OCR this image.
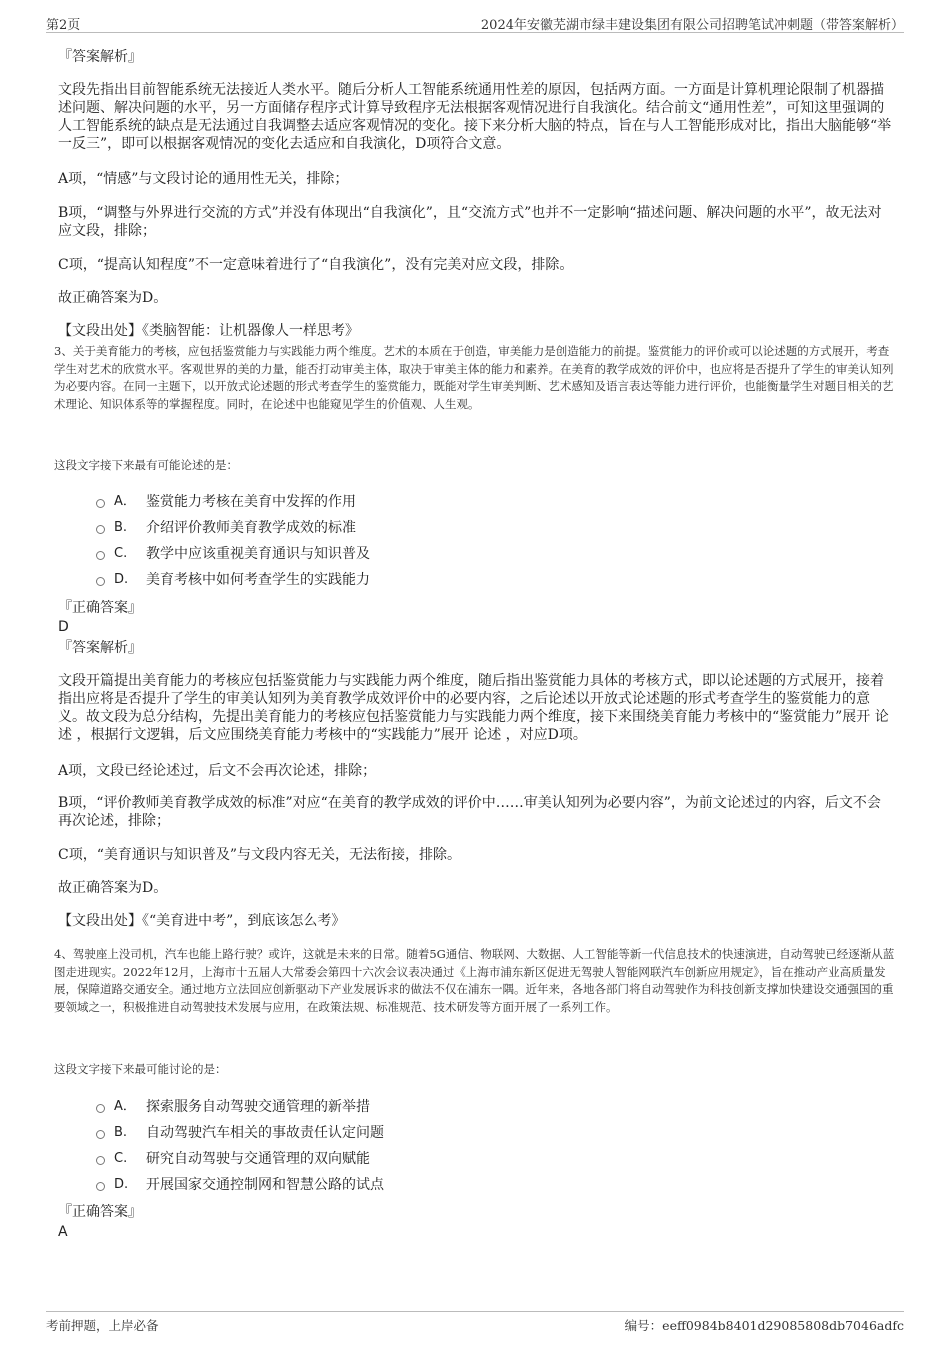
第2页	2024年安徽芜湖市绿丰建设集团有限公司招聘笔试冲刺题（带答案解析）

『答案解析』

文段先指出目前智能系统无法接近人类水平。随后分析人工智能系统通用性差的原因，包括两方面。一方面是计算机理论限制了机器描述问题、解决问题的水平，另一方面储存程序式计算导致程序无法根据客观情况进行自我演化。结合前文“通用性差”，可知这里强调的人工智能系统的缺点是无法通过自我调整去适应客观情况的变化。接下来分析大脑的特点，旨在与人工智能形成对比，指出大脑能够“举一反三”，即可以根据客观情况的变化去适应和自我演化，D项符合文意。

A项，“情感”与文段讨论的通用性无关，排除；

B项，“调整与外界进行交流的方式”并没有体现出“自我演化”，且“交流方式”也并不一定影响“描述问题、解决问题的水平”，故无法对应文段，排除；

C项，“提高认知程度”不一定意味着进行了“自我演化”，没有完美对应文段，排除。

故正确答案为D。

【文段出处】《类脑智能：让机器像人一样思考》

3、关于美育能力的考核，应包括鉴赏能力与实践能力两个维度。艺术的本质在于创造，审美能力是创造能力的前提。鉴赏能力的评价或可以论述题的方式展开，考查学生对艺术的欣赏水平。客观世界的美的力量，能否打动审美主体，取决于审美主体的能力和素养。在美育的教学成效的评价中，也应将是否提升了学生的审美认知列为必要内容。在同一主题下，以开放式论述题的形式考查学生的鉴赏能力，既能对学生审美判断、艺术感知及语言表达等能力进行评价，也能衡量学生对题目相关的艺术理论、知识体系等的掌握程度。同时，在论述中也能窥见学生的价值观、人生观。

这段文字接下来最有可能论述的是：

A． 鉴赏能力考核在美育中发挥的作用
B.	介绍评价教师美育教学成效的标准
C.	教学中应该重视美育通识与知识普及
D.	美育考核中如何考查学生的实践能力

『正确答案』

D

『答案解析』

文段开篇提出美育能力的考核应包括鉴赏能力与实践能力两个维度，随后指出鉴赏能力具体的考核方式，即以论述题的方式展开，接着指出应将是否提升了学生的审美认知列为美育教学成效评价中的必要内容，之后论述以开放式论述题的形式考查学生的鉴赏能力的意义。故文段为总分结构，先提出美育能力的考核应包括鉴赏能力与实践能力两个维度，接下来围绕美育能力考核中的“鉴赏能力”展开 论述 ，根据行文逻辑，后文应围绕美育能力考核中的“实践能力”展开 论述 ，对应D项。

A项，文段已经论述过，后文不会再次论述，排除；

B项，“评价教师美育教学成效的标准”对应“在美育的教学成效的评价中……审美认知列为必要内容”，为前文论述过的内容，后文不会再次论述，排除；

C项，“美育通识与知识普及”与文段内容无关，无法衔接，排除。

故正确答案为D。

【文段出处】《“美育进中考”，到底该怎么考》

4、驾驶座上没司机，汽车也能上路行驶？或许，这就是未来的日常。随着5G通信、物联网、大数据、人工智能等新一代信息技术的快速演进，自动驾驶已经逐渐从蓝图走进现实。2022年12月，上海市十五届人大常委会第四十六次会议表决通过《上海市浦东新区促进无驾驶人智能网联汽车创新应用规定》，旨在推动产业高质量发展，保障道路交通安全。通过地方立法回应创新驱动下产业发展诉求的做法不仅在浦东一隅。近年来，各地各部门将自动驾驶作为科技创新支撑加快建设交通强国的重要领域之一，积极推进自动驾驶技术发展与应用，在政策法规、标准规范、技术研发等方面开展了一系列工作。

这段文字接下来最可能讨论的是：

A． 探索服务自动驾驶交通管理的新举措
B.	自动驾驶汽车相关的事故责任认定问题
C.	研究自动驾驶与交通管理的双向赋能
D.	开展国家交通控制网和智慧公路的试点

『正确答案』

A

考前押题，上岸必备	编号：eeff0984b8401d29085808db7046adfc
